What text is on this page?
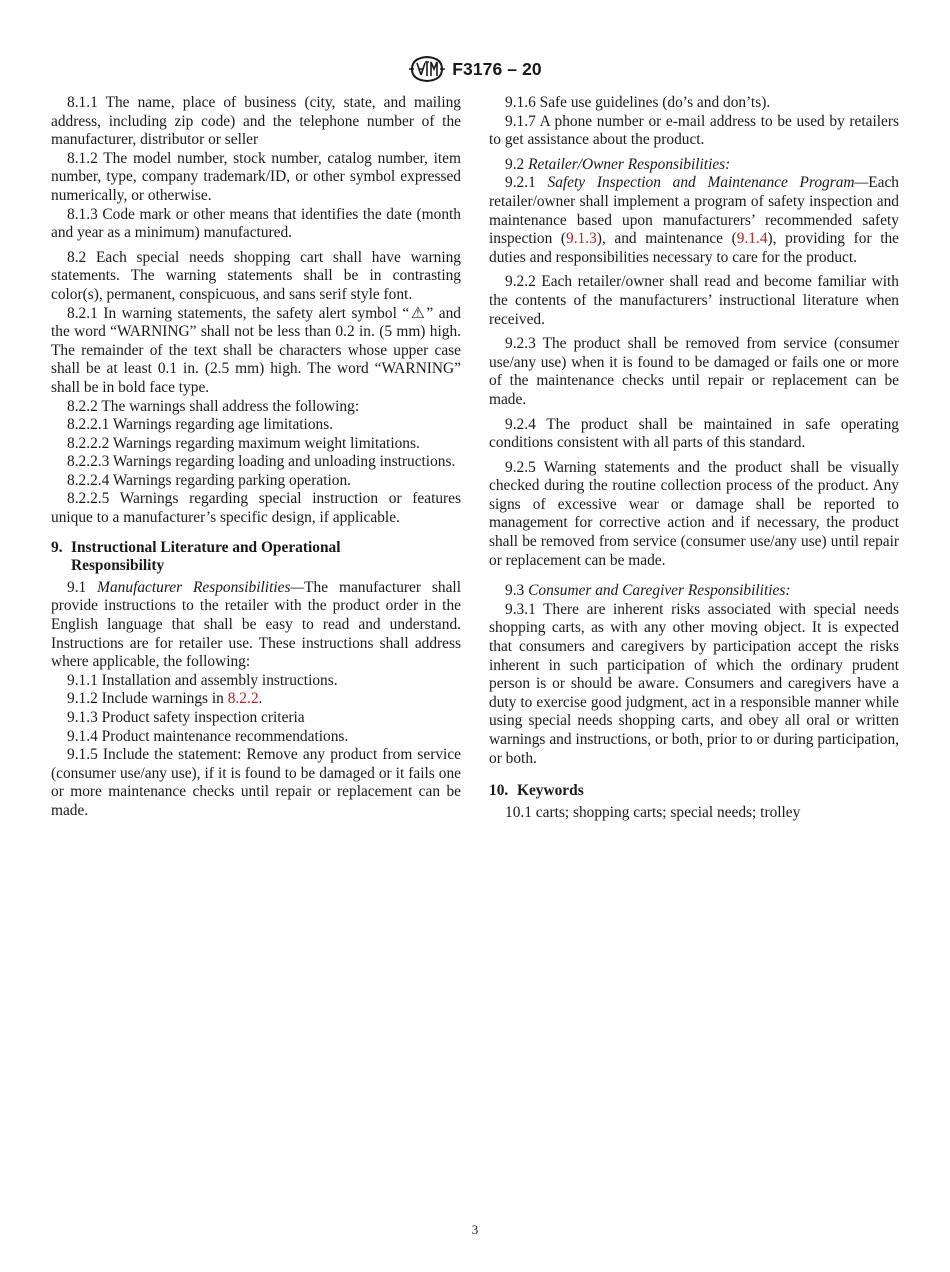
F3176 – 20

8.1.1 The name, place of business (city, state, and mailing address, including zip code) and the telephone number of the manufacturer, distributor or seller

8.1.2 The model number, stock number, catalog number, item number, type, company trademark/ID, or other symbol expressed numerically, or otherwise.

8.1.3 Code mark or other means that identifies the date (month and year as a minimum) manufactured.

8.2 Each special needs shopping cart shall have warning statements. The warning statements shall be in contrasting color(s), permanent, conspicuous, and sans serif style font.

8.2.1 In warning statements, the safety alert symbol “⚠” and the word “WARNING” shall not be less than 0.2 in. (5 mm) high. The remainder of the text shall be characters whose upper case shall be at least 0.1 in. (2.5 mm) high. The word “WARNING” shall be in bold face type.

8.2.2 The warnings shall address the following:

8.2.2.1 Warnings regarding age limitations.

8.2.2.2 Warnings regarding maximum weight limitations.

8.2.2.3 Warnings regarding loading and unloading instructions.

8.2.2.4 Warnings regarding parking operation.

8.2.2.5 Warnings regarding special instruction or features unique to a manufacturer’s specific design, if applicable.

9. Instructional Literature and Operational
Responsibility

9.1 Manufacturer Responsibilities—The manufacturer shall provide instructions to the retailer with the product order in the English language that shall be easy to read and understand. Instructions are for retailer use. These instructions shall address where applicable, the following:

9.1.1 Installation and assembly instructions.

9.1.2 Include warnings in 8.2.2.

9.1.3 Product safety inspection criteria

9.1.4 Product maintenance recommendations.

9.1.5 Include the statement: Remove any product from service (consumer use/any use), if it is found to be damaged or it fails one or more maintenance checks until repair or replacement can be made.

9.1.6 Safe use guidelines (do’s and don’ts).

9.1.7 A phone number or e-mail address to be used by retailers to get assistance about the product.

9.2 Retailer/Owner Responsibilities:

9.2.1 Safety Inspection and Maintenance Program—Each retailer/owner shall implement a program of safety inspection and maintenance based upon manufacturers’ recommended safety inspection (9.1.3), and maintenance (9.1.4), providing for the duties and responsibilities necessary to care for the product.

9.2.2 Each retailer/owner shall read and become familiar with the contents of the manufacturers’ instructional literature when received.

9.2.3 The product shall be removed from service (consumer use/any use) when it is found to be damaged or fails one or more of the maintenance checks until repair or replacement can be made.

9.2.4 The product shall be maintained in safe operating conditions consistent with all parts of this standard.

9.2.5 Warning statements and the product shall be visually checked during the routine collection process of the product. Any signs of excessive wear or damage shall be reported to management for corrective action and if necessary, the product shall be removed from service (consumer use/any use) until repair or replacement can be made.

9.3 Consumer and Caregiver Responsibilities:

9.3.1 There are inherent risks associated with special needs shopping carts, as with any other moving object. It is expected that consumers and caregivers by participation accept the risks inherent in such participation of which the ordinary prudent person is or should be aware. Consumers and caregivers have a duty to exercise good judgment, act in a responsible manner while using special needs shopping carts, and obey all oral or written warnings and instructions, or both, prior to or during participation, or both.

10. Keywords

10.1 carts; shopping carts; special needs; trolley

3
